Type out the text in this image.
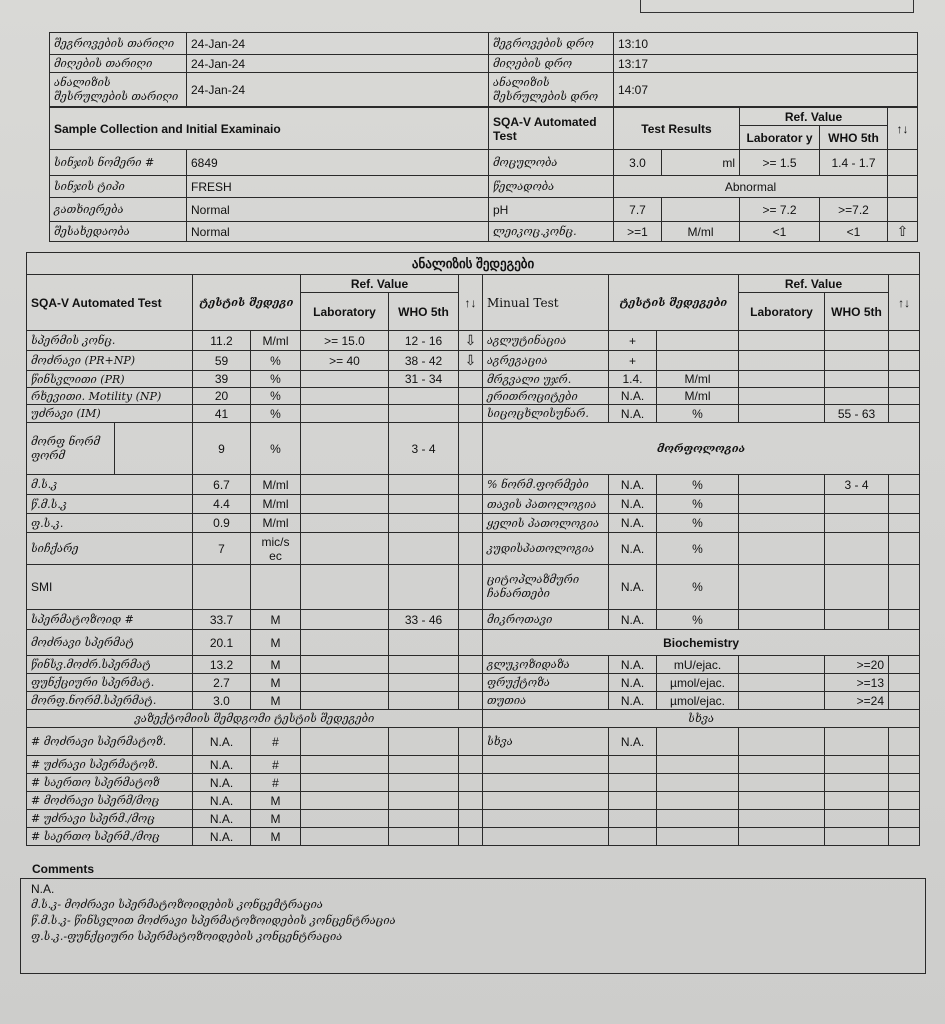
შეგროვების თარიღი	24-Jan-24	შეგროვების დრო	13:10
მიღების თარიღი	24-Jan-24	მიღების დრო	13:17
ანალიზის შესრულების თარიღი	24-Jan-24	ანალიზის შესრულების დრო	14:07
Sample Collection and Initial Examinaio		SQA-V Automated Test	Test Results		Ref. Value		↑↓
					Laborator y	WHO 5th	
სინჯის ნომერი #	6849	მოცულობა	3.0	ml	>= 1.5	1.4 - 1.7	
სინჯის ტიპი	FRESH	წელადობა	Abnormal				
გათხიერება	Normal	pH	7.7		>= 7.2	>=7.2	
შესახედაობა	Normal	ლეიკოც.კონც.	>=1	M/ml	<1	<1	⇧
ანალიზის შედეგები												
SQA-V Automated Test		ტესტის შედეგი		Ref. Value		↑↓	Minual Test	ტესტის შედეგები		Ref. Value		↑↓
				Laboratory	WHO 5th					Laboratory	WHO 5th	
სპერმის კონც.		11.2	M/ml	>= 15.0	12 - 16	⇩	აგლუტინაცია	+				
მოძრავი (PR+NP)		59	%	>= 40	38 - 42	⇩	აგრეგაცია	+				
წინსვლითი (PR)		39	%		31 - 34		მრგვალი უჯრ.	1.4.	M/ml			
რხევითი. Motility (NP)		20	%				ერითროციტები	N.A.	M/ml			
უძრავი (IM)		41	%				სიცოცხლისუნარ.	N.A.	%		55 - 63	
მორფ ნორმ ფორმ		9	%		3 - 4		მორფოლოგია					
მ.ს.კ		6.7	M/ml				% ნორმ.ფორმები	N.A.	%		3 - 4	
წ.მ.ს.კ		4.4	M/ml				თავის პათოლოგია	N.A.	%			
ფ.ს.კ.		0.9	M/ml				ყელის პათოლოგია	N.A.	%			
სიჩქარე		7	mic/s ec				კუდისპათოლოგია	N.A.	%			
SMI							ციტოპლაზმური ჩანართები	N.A.	%			
სპერმატოზოიდ #		33.7	M		33 - 46		მიკროთავი	N.A.	%			
მოძრავი სპერმატ		20.1	M				Biochemistry					
წინსვ.მოძრ.სპერმატ		13.2	M				გლუკოზიდაზა	N.A.	mU/ejac.		>=20	
ფუნქციური სპერმატ.		2.7	M				ფრუქტოზა	N.A.	µmol/ejac.		>=13	
მორფ.ნორმ.სპერმატ.		3.0	M				თუთია	N.A.	µmol/ejac.		>=24	
ვაზექტომიის შემდგომი ტესტის შედეგები							სხვა					
# მოძრავი სპერმატოზ.		N.A.	#				სხვა	N.A.				
# უძრავი სპერმატოზ.		N.A.	#									
# საერთო სპერმატოზ		N.A.	#									
# მოძრავი სპერმ/მოც		N.A.	M									
# უძრავი სპერმ./მოც		N.A.	M									
# საერთო სპერმ./მოც		N.A.	M									
Comments
N.A.
მ.ს.კ- მოძრავი სპერმატოზოიდების კონცემტრაცია
წ.მ.ს.კ- წინსვლით მოძრავი სპერმატოზოიდების კონცენტრაცია
ფ.ს.კ.-ფუნქციური სპერმატოზოიდების კონცენტრაცია
